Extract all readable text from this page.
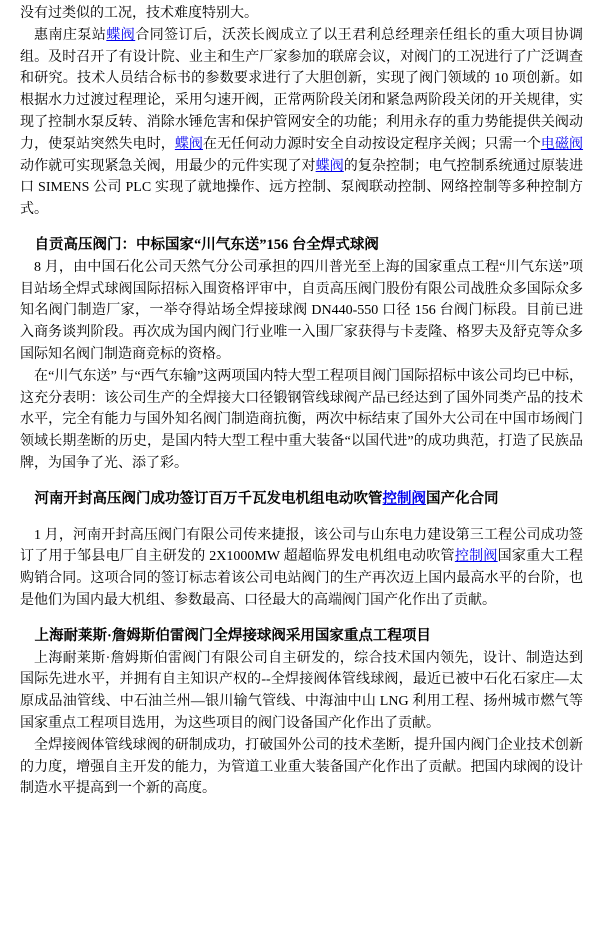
没有过类似的工况，技术难度特别大。

惠南庄泵站蝶阀合同签订后，沃茨长阀成立了以王君利总经理亲任组长的重大项目协调组。及时召开了有设计院、业主和生产厂家参加的联席会议，对阀门的工况进行了广泛调查和研究。技术人员结合标书的参数要求进行了大胆创新，实现了阀门领域的 10 项创新。如根据水力过渡过程理论，采用匀速开阀，正常两阶段关闭和紧急两阶段关闭的开关规律，实现了控制水泵反转、消除水锤危害和保护管网安全的功能；利用永存的重力势能提供关阀动力，使泵站突然失电时，蝶阀在无任何动力源时安全自动按设定程序关阀；只需一个电磁阀动作就可实现紧急关阀，用最少的元件实现了对蝶阀的复杂控制；电气控制系统通过原装进口 SIMENS 公司 PLC 实现了就地操作、远方控制、泵阀联动控制、网络控制等多种控制方式。

自贡高压阀门：中标国家“川气东送”156 台全焊式球阀

8 月，由中国石化公司天然气分公司承担的四川普光至上海的国家重点工程“川气东送”项目站场全焊式球阀国际招标入围资格评审中，自贡高压阀门股份有限公司战胜众多国际众多知名阀门制造厂家，一举夺得站场全焊接球阀 DN440-550 口径 156 台阀门标段。目前已进入商务谈判阶段。再次成为国内阀门行业唯一入围厂家获得与卡麦隆、格罗夫及舒克等众多国际知名阀门制造商竞标的资格。

在“川气东送” 与“西气东输”这两项国内特大型工程项目阀门国际招标中该公司均已中标，这充分表明：该公司生产的全焊接大口径锻钢管线球阀产品已经达到了国外同类产品的技术水平，完全有能力与国外知名阀门制造商抗衡，两次中标结束了国外大公司在中国市场阀门领域长期垄断的历史，是国内特大型工程中重大装备“以国代进”的成功典范，打造了民族品牌，为国争了光、添了彩。

河南开封高压阀门成功签订百万千瓦发电机组电动吹管控制阀国产化合同

1 月，河南开封高压阀门有限公司传来捷报，该公司与山东电力建设第三工程公司成功签订了用于邹县电厂自主研发的 2X1000MW 超超临界发电机组电动吹管控制阀国家重大工程购销合同。这项合同的签订标志着该公司电站阀门的生产再次迈上国内最高水平的台阶，也是他们为国内最大机组、参数最高、口径最大的高端阀门国产化作出了贡献。

上海耐莱斯·詹姆斯伯雷阀门全焊接球阀采用国家重点工程项目

上海耐莱斯·詹姆斯伯雷阀门有限公司自主研发的，综合技术国内领先，设计、制造达到国际先进水平，并拥有自主知识产权的--全焊接阀体管线球阀，最近已被中石化石家庄—太原成品油管线、中石油兰州—银川输气管线、中海油中山 LNG 利用工程、扬州城市燃气等国家重点工程项目选用，为这些项目的阀门设备国产化作出了贡献。

全焊接阀体管线球阀的研制成功，打破国外公司的技术垄断，提升国内阀门企业技术创新的力度，增强自主开发的能力，为管道工业重大装备国产化作出了贡献。把国内球阀的设计制造水平提高到一个新的高度。
